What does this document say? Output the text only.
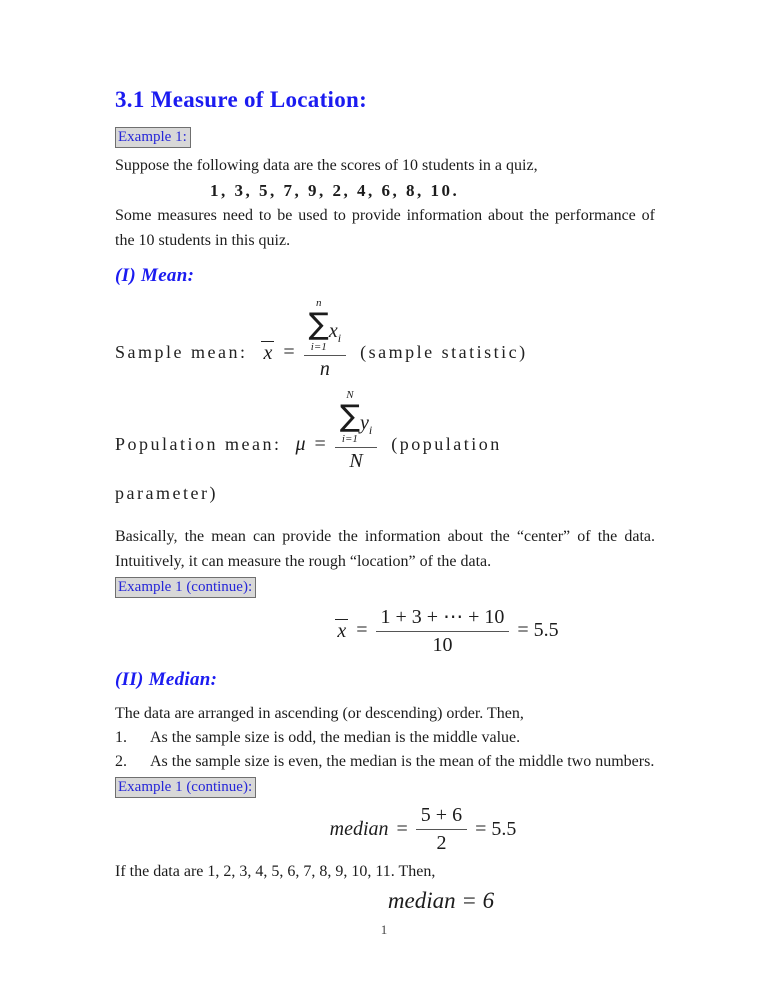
3.1 Measure of Location:
Example 1:

Suppose the following data are the scores of 10 students in a quiz,

1, 3, 5, 7, 9, 2, 4, 6, 8, 10.

Some measures need to be used to provide information about the performance of the 10 students in this quiz.

(I) Mean:
Sample mean: x =
n
∑
i=1
$x_i$
n
(sample statistic)
Population mean: μ =
N
∑
i=1
$y_i$
N
(population

parameter)

Basically, the mean can provide the information about the “center” of the data. Intuitively, it can measure the rough “location” of the data.

Example 1 (continue):
$x = \frac{1 + 3 + \cdots + 10}{10} = 5.5$
(II) Median:

The data are arranged in ascending (or descending) order. Then,

1.	As the sample size is odd, the median is the middle value.
2.	As the sample size is even, the median is the mean of the middle two numbers.
Example 1 (continue):
median = $\frac{5 + 6}{2} = 5.5$

If the data are 1, 2, 3, 4, 5, 6, 7, 8, 9, 10, 11. Then,

median = 6
1
